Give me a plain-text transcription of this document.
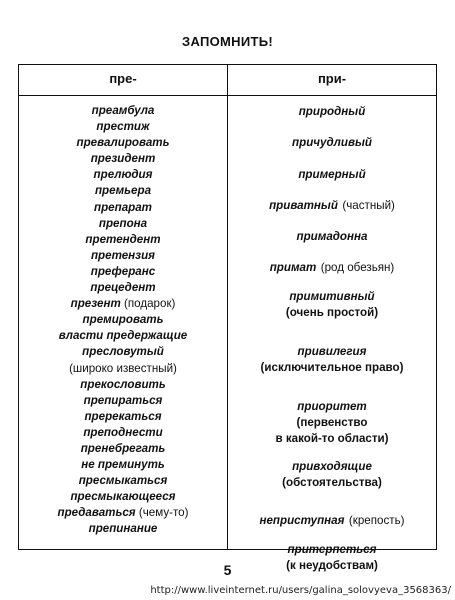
ЗАПОМНИТЬ!
пре-	при-
преамбула
престиж
превалировать
президент
прелюдия
премьера
препарат
препона
претендент
претензия
преферанс
прецедент
презент (подарок)
премировать
власти предержащие
пресловутый
(широко известный)
прекословить
препираться
пререкаться
преподнести
пренебрегать
не преминуть
пресмыкаться
пресмыкающееся
предаваться (чему-то)
препинание
природный
причудливый
примерный
приватный (частный)
примадонна
примат (род обезьян)
примитивный
(очень простой)
привилегия
(исключительное право)
приоритет
(первенство
в какой-то области)
привходящие
(обстоятельства)
неприступная (крепость)
притерпеться
(к неудобствам)
5
http://www.liveinternet.ru/users/galina_solovyeva_3568363/
